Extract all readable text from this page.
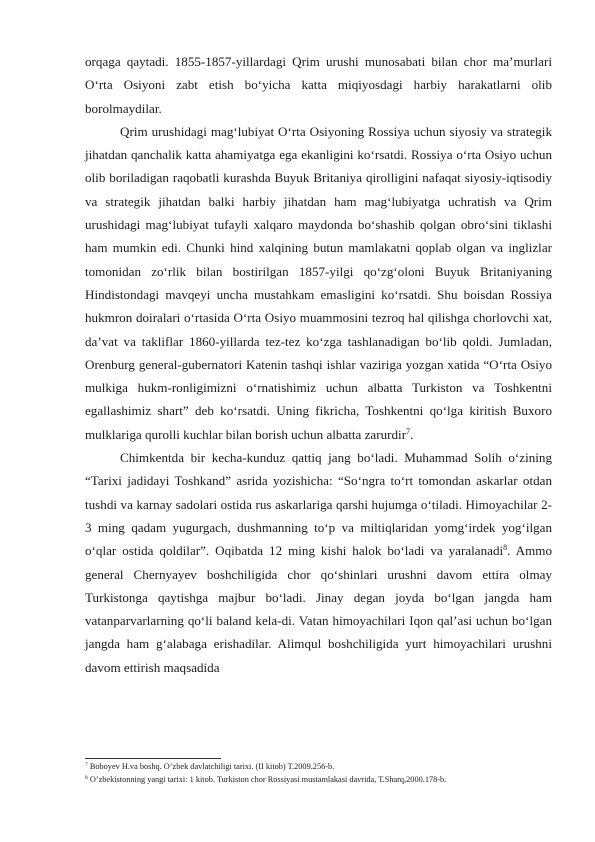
orqaga qaytadi. 1855-1857-yillardagi Qrim urushi munosabati bilan chor ma’murlari O‘rta Osiyoni zabt etish bo‘yicha katta miqiyosdagi harbiy harakatlarni olib borolmaydilar.

Qrim urushidagi mag‘lubiyat O‘rta Osiyoning Rossiya uchun siyosiy va strategik jihatdan qanchalik katta ahamiyatga ega ekanligini ko‘rsatdi. Rossiya o‘rta Osiyo uchun olib boriladigan raqobatli kurashda Buyuk Britaniya qirolligini nafaqat siyosiy-iqtisodiy va strategik jihatdan balki harbiy jihatdan ham mag‘lubiyatga uchratish va Qrim urushidagi mag‘lubiyat tufayli xalqaro maydonda bo‘shashib qolgan obro‘sini tiklashi ham mumkin edi. Chunki hind xalqining butun mamlakatni qoplab olgan va inglizlar tomonidan zo‘rlik bilan bostirilgan 1857-yilgi qo‘zg‘oloni Buyuk Britaniyaning Hindistondagi mavqeyi uncha mustahkam emasligini ko‘rsatdi. Shu boisdan Rossiya hukmron doiralari o‘rtasida O‘rta Osiyo muammosini tezroq hal qilishga chorlovchi xat, da’vat va takliflar 1860-yillarda tez-tez ko‘zga tashlanadigan bo‘lib qoldi. Jumladan, Orenburg general-gubernatori Katenin tashqi ishlar vaziriga yozgan xatida “O‘rta Osiyo mulkiga hukm-ronligimizni o‘rnatishimiz uchun albatta Turkiston va Toshkentni egallashimiz shart” deb ko‘rsatdi. Uning fikricha, Toshkentni qo‘lga kiritish Buxoro mulklariga qurolli kuchlar bilan borish uchun albatta zarurdir$^7$.

Chimkentda bir kecha-kunduz qattiq jang bo‘ladi. Muhammad Solih o‘zining “Tarixi jadidayi Toshkand” asrida yozishicha: “So‘ngra to‘rt tomondan askarlar otdan tushdi va karnay sadolari ostida rus askarlariga qarshi hujumga o‘tiladi. Himoyachilar 2-3 ming qadam yugurgach, dushmanning to‘p va miltiqlaridan yomg‘irdek yog‘ilgan o‘qlar ostida qoldilar”. Oqibatda 12 ming kishi halok bo‘ladi va yaralanadi$^8$. Ammo general Chernyayev boshchiligida chor qo‘shinlari urushni davom ettira olmay Turkistonga qaytishga majbur bo‘ladi. Jinay degan joyda bo‘lgan jangda ham vatanparvarlarning qo‘li baland kela-di. Vatan himoyachilari Iqon qal’asi uchun bo‘lgan jangda ham g‘alabaga erishadilar. Alimqul boshchiligida yurt himoyachilari urushni davom ettirish maqsadida

$^7$ Boboyev H.va boshq. O’zbek davlatchiligi tarixi. (II kitob) T.2009.256-b.
$^8$ O’zbekistonning yangi tarixi: 1 kitob. Turkiston chor Rossiyasi mustamlakasi davrida, T.Sharq,2000.178-b.
